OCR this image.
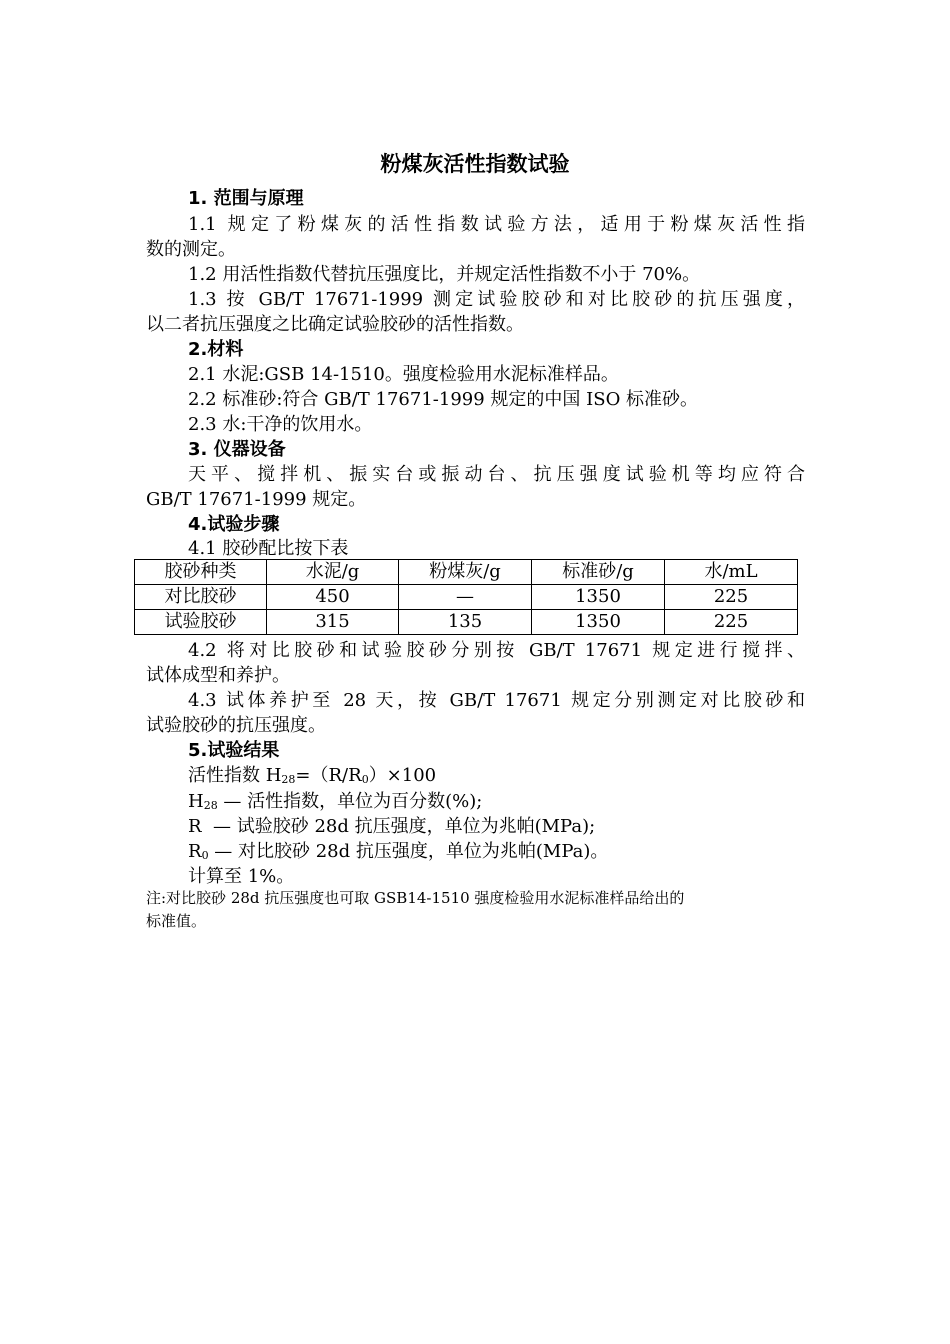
粉煤灰活性指数试验
1. 范围与原理
1.1 规定了粉煤灰的活性指数试验方法，适用于粉煤灰活性指
数的测定。
1.2 用活性指数代替抗压强度比，并规定活性指数不小于 70%。
1.3 按 GB/T 17671-1999 测定试验胶砂和对比胶砂的抗压强度，
以二者抗压强度之比确定试验胶砂的活性指数。
2.材料
2.1 水泥:GSB 14-1510。强度检验用水泥标准样品。
2.2 标准砂:符合 GB/T 17671-1999 规定的中国 ISO 标准砂。
2.3 水:干净的饮用水。
3. 仪器设备
天平、搅拌机、振实台或振动台、抗压强度试验机等均应符合
GB/T 17671-1999 规定。
4.试验步骤
4.1 胶砂配比按下表
胶砂种类	水泥/g	粉煤灰/g	标准砂/g	水/mL
对比胶砂	450	—	1350	225
试验胶砂	315	135	1350	225
4.2 将对比胶砂和试验胶砂分别按 GB/T 17671 规定进行搅拌、
试体成型和养护。
4.3 试体养护至 28 天，按 GB/T 17671 规定分别测定对比胶砂和
试验胶砂的抗压强度。
5.试验结果
活性指数 $H_{28}=(R/R_0)\times 100$
$H_{28}$ — 活性指数，单位为百分数(%);
R  — 试验胶砂 28d 抗压强度，单位为兆帕(MPa);
$R_0$ — 对比胶砂 28d 抗压强度，单位为兆帕(MPa)。
计算至 1%。
注:对比胶砂 28d 抗压强度也可取 GSB14-1510 强度检验用水泥标准样品给出的
标准值。
